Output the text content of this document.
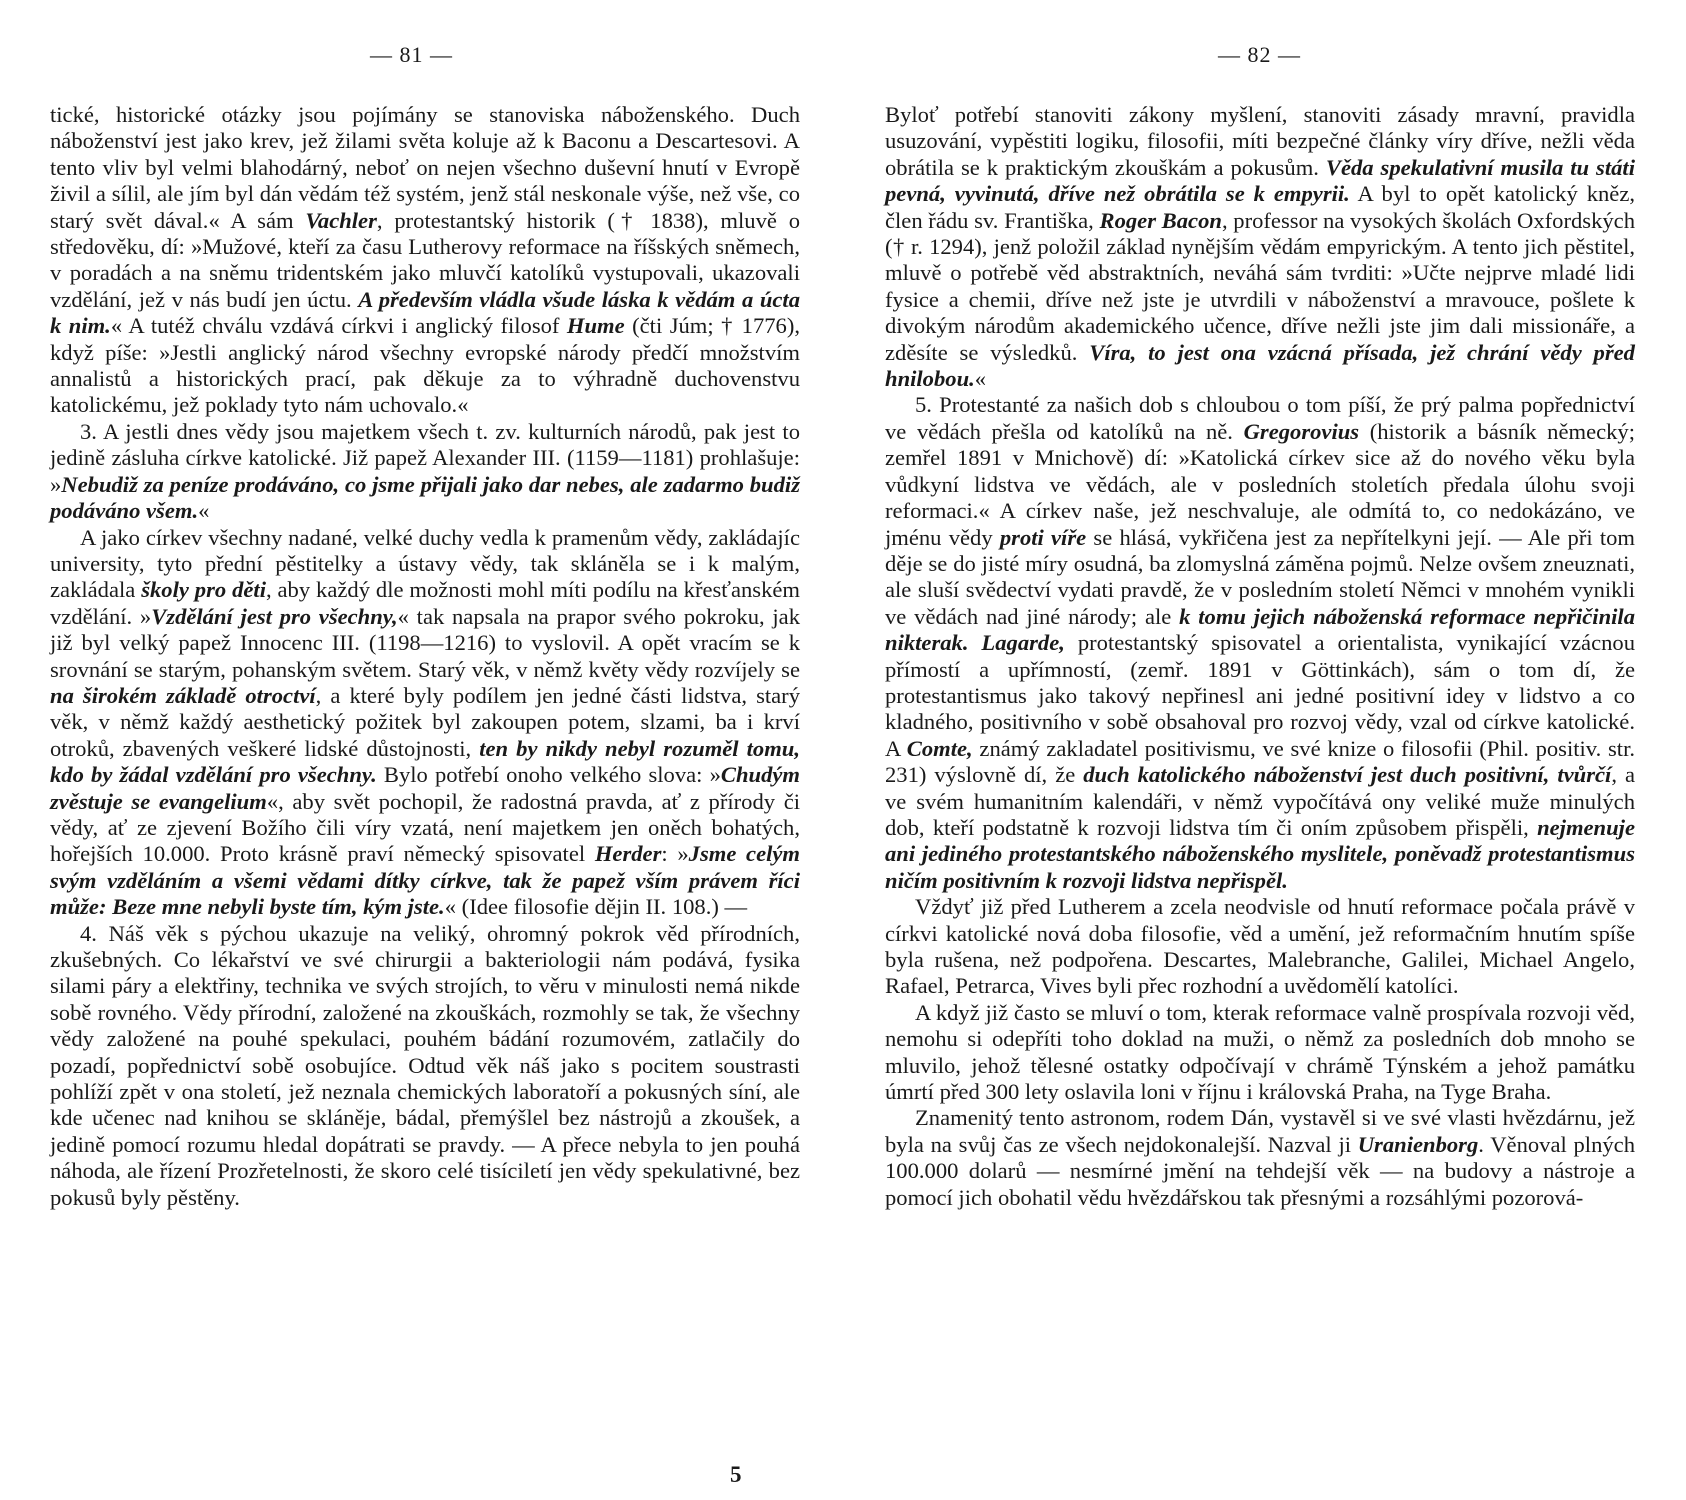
— 81 —

tické, historické otázky jsou pojímány se stanoviska náboženského. Duch náboženství jest jako krev, jež žilami světa koluje až k Baconu a Descartesovi. A tento vliv byl velmi blahodárný, neboť on nejen všechno duševní hnutí v Evropě živil a sílil, ale jím byl dán vědám též systém, jenž stál neskonale výše, než vše, co starý svět dával.« A sám Vachler, protestantský historik († 1838), mluvě o středověku, dí: »Mužové, kteří za času Lutherovy reformace na říšských sněmech, v poradách a na sněmu tridentském jako mluvčí katolíků vystupovali, ukazovali vzdělání, jež v nás budí jen úctu. A především vládla všude láska k vědám a úcta k nim.« A tutéž chválu vzdává církvi i anglický filosof Hume (čti Júm; † 1776), když píše: »Jestli anglický národ všechny evropské národy předčí množstvím annalistů a historických prací, pak děkuje za to výhradně duchovenstvu katolickému, jež poklady tyto nám uchovalo.«

3. A jestli dnes vědy jsou majetkem všech t. zv. kulturních národů, pak jest to jedině zásluha církve katolické. Již papež Alexander III. (1159—1181) prohlašuje: »Nebudiž za peníze prodáváno, co jsme přijali jako dar nebes, ale zadarmo budiž podáváno všem.«

A jako církev všechny nadané, velké duchy vedla k pramenům vědy, zakládajíc university, tyto přední pěstitelky a ústavy vědy, tak skláněla se i k malým, zakládala školy pro děti, aby každý dle možnosti mohl míti podílu na křesťanském vzdělání. »Vzdělání jest pro všechny,« tak napsala na prapor svého pokroku, jak již byl velký papež Innocenc III. (1198—1216) to vyslovil. A opět vracím se k srovnání se starým, pohanským světem. Starý věk, v němž květy vědy rozvíjely se na širokém základě otroctví, a které byly podílem jen jedné části lidstva, starý věk, v němž každý aesthetický požitek byl zakoupen potem, slzami, ba i krví otroků, zbavených veškeré lidské důstojnosti, ten by nikdy nebyl rozuměl tomu, kdo by žádal vzdělání pro všechny. Bylo potřebí onoho velkého slova: »Chudým zvěstuje se evangelium«, aby svět pochopil, že radostná pravda, ať z přírody či vědy, ať ze zjevení Božího čili víry vzatá, není majetkem jen oněch bohatých, hořejších 10.000. Proto krásně praví německý spisovatel Herder: »Jsme celým svým vzděláním a všemi vědami dítky církve, tak že papež vším právem říci může: Beze mne nebyli byste tím, kým jste.« (Idee filosofie dějin II. 108.) —

4. Náš věk s pýchou ukazuje na veliký, ohromný pokrok věd přírodních, zkušebných. Co lékařství ve své chirurgii a bakteriologii nám podává, fysika silami páry a elektřiny, technika ve svých strojích, to věru v minulosti nemá nikde sobě rovného. Vědy přírodní, založené na zkouškách, rozmohly se tak, že všechny vědy založené na pouhé spekulaci, pouhém bádání rozumovém, zatlačily do pozadí, popřednictví sobě osobujíce. Odtud věk náš jako s pocitem soustrasti pohlíží zpět v ona století, jež neznala chemických laboratoří a pokusných síní, ale kde učenec nad knihou se skláněje, bádal, přemýšlel bez nástrojů a zkoušek, a jedině pomocí rozumu hledal dopátrati se pravdy. — A přece nebyla to jen pouhá náhoda, ale řízení Prozřetelnosti, že skoro celé tisíciletí jen vědy spekulativné, bez pokusů byly pěstěny.

5
— 82 —

Byloť potřebí stanoviti zákony myšlení, stanoviti zásady mravní, pravidla usuzování, vypěstiti logiku, filosofii, míti bezpečné články víry dříve, nežli věda obrátila se k praktickým zkouškám a pokusům. Věda spekulativní musila tu státi pevná, vyvinutá, dříve než obrátila se k empyrii. A byl to opět katolický kněz, člen řádu sv. Františka, Roger Bacon, professor na vysokých školách Oxfordských († r. 1294), jenž položil základ nynějším vědám empyrickým. A tento jich pěstitel, mluvě o potřebě věd abstraktních, neváhá sám tvrditi: »Učte nejprve mladé lidi fysice a chemii, dříve než jste je utvrdili v náboženství a mravouce, pošlete k divokým národům akademického učence, dříve nežli jste jim dali missionáře, a zděsíte se výsledků. Víra, to jest ona vzácná přísada, jež chrání vědy před hnilobou.«

5. Protestanté za našich dob s chloubou o tom píší, že prý palma popřednictví ve vědách přešla od katolíků na ně. Gregorovius (historik a básník německý; zemřel 1891 v Mnichově) dí: »Katolická církev sice až do nového věku byla vůdkyní lidstva ve vědách, ale v posledních stoletích předala úlohu svoji reformaci.« A církev naše, jež neschvaluje, ale odmítá to, co nedokázáno, ve jménu vědy proti víře se hlásá, vykřičena jest za nepřítelkyni její. — Ale při tom děje se do jisté míry osudná, ba zlomyslná záměna pojmů. Nelze ovšem zneuznati, ale sluší svědectví vydati pravdě, že v posledním století Němci v mnohém vynikli ve vědách nad jiné národy; ale k tomu jejich náboženská reformace nepřičinila nikterak. Lagarde, protestantský spisovatel a orientalista, vynikající vzácnou přímostí a upřímností, (zemř. 1891 v Göttinkách), sám o tom dí, že protestantismus jako takový nepřinesl ani jedné positivní idey v lidstvo a co kladného, positivního v sobě obsahoval pro rozvoj vědy, vzal od církve katolické. A Comte, známý zakladatel positivismu, ve své knize o filosofii (Phil. positiv. str. 231) výslovně dí, že duch katolického náboženství jest duch positivní, tvůrčí, a ve svém humanitním kalendáři, v němž vypočítává ony veliké muže minulých dob, kteří podstatně k rozvoji lidstva tím či oním způsobem přispěli, nejmenuje ani jediného protestantského náboženského myslitele, poněvadž protestantismus ničím positivním k rozvoji lidstva nepřispěl.

Vždyť již před Lutherem a zcela neodvisle od hnutí reformace počala právě v církvi katolické nová doba filosofie, věd a umění, jež reformačním hnutím spíše byla rušena, než podpořena. Descartes, Malebranche, Galilei, Michael Angelo, Rafael, Petrarca, Vives byli přec rozhodní a uvědomělí katolíci.

A když již často se mluví o tom, kterak reformace valně prospívala rozvoji věd, nemohu si odepříti toho doklad na muži, o němž za posledních dob mnoho se mluvilo, jehož tělesné ostatky odpočívají v chrámě Týnském a jehož památku úmrtí před 300 lety oslavila loni v říjnu i královská Praha, na Tyge Braha.

Znamenitý tento astronom, rodem Dán, vystavěl si ve své vlasti hvězdárnu, jež byla na svůj čas ze všech nejdokonalejší. Nazval ji Uranienborg. Věnoval plných 100.000 dolarů — nesmírné jmění na tehdejší věk — na budovy a nástroje a pomocí jich obohatil vědu hvězdářskou tak přesnými a rozsáhlými pozorová-
